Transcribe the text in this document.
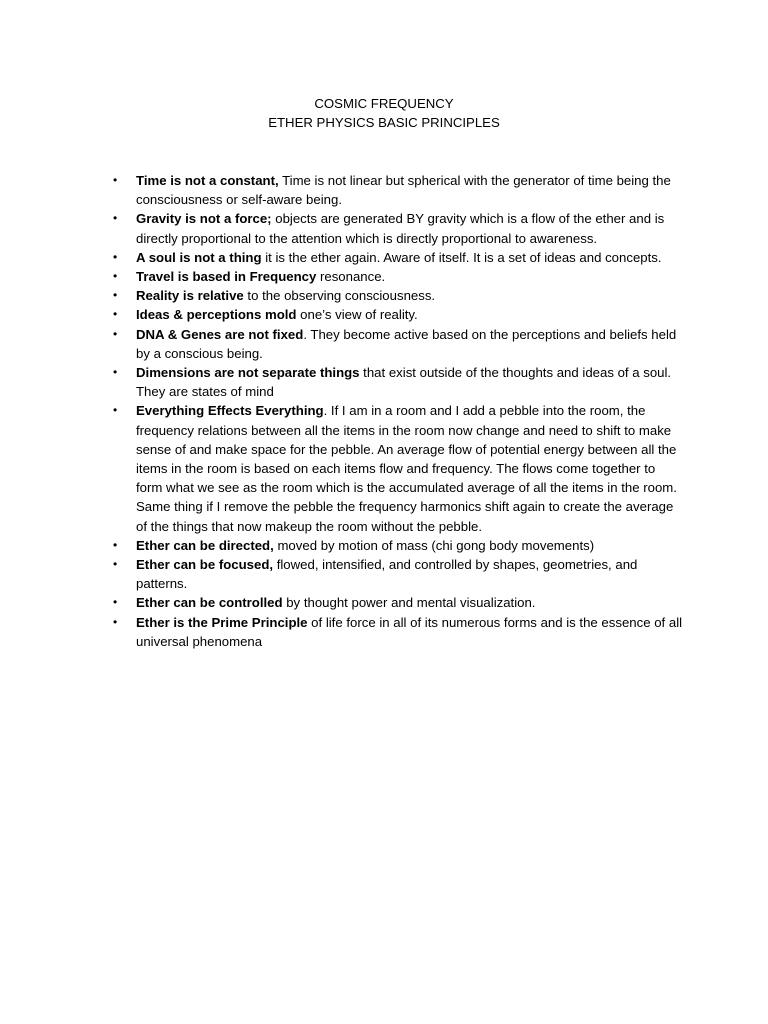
COSMIC FREQUENCY
ETHER PHYSICS BASIC PRINCIPLES
• Time is not a constant, Time is not linear but spherical with the generator of time being the consciousness or self-aware being.
• Gravity is not a force; objects are generated BY gravity which is a flow of the ether and is directly proportional to the attention which is directly proportional to awareness.
• A soul is not a thing it is the ether again. Aware of itself. It is a set of ideas and concepts.
• Travel is based in Frequency resonance.
• Reality is relative to the observing consciousness.
• Ideas & perceptions mold one’s view of reality.
• DNA & Genes are not fixed. They become active based on the perceptions and beliefs held by a conscious being.
• Dimensions are not separate things that exist outside of the thoughts and ideas of a soul. They are states of mind
• Everything Effects Everything. If I am in a room and I add a pebble into the room, the frequency relations between all the items in the room now change and need to shift to make sense of and make space for the pebble. An average flow of potential energy between all the items in the room is based on each items flow and frequency. The flows come together to form what we see as the room which is the accumulated average of all the items in the room. Same thing if I remove the pebble the frequency harmonics shift again to create the average of the things that now makeup the room without the pebble.
• Ether can be directed, moved by motion of mass (chi gong body movements)
• Ether can be focused, flowed, intensified, and controlled by shapes, geometries, and patterns.
• Ether can be controlled by thought power and mental visualization.
• Ether is the Prime Principle of life force in all of its numerous forms and is the essence of all universal phenomena
